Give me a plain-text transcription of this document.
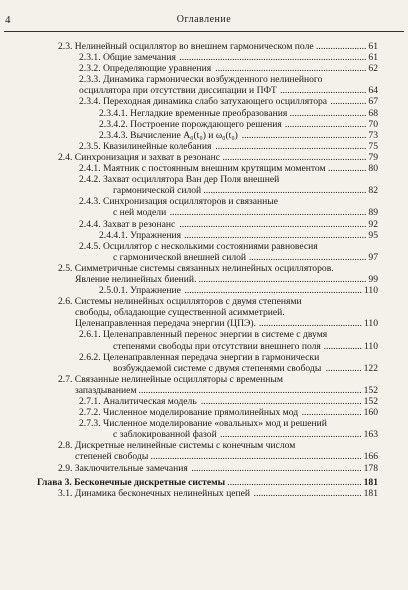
4	Оглавление
2.3. Нелинейный осциллятор во внешнем гармоническом поле	61
.....................
2.3.1. Общие замечания	61
..............................................................................
2.3.2. Определяющие уравнения	62
...............................................................
2.3.3. Динамика гармонически возбужденного нелинейного
осциллятора при отсутствии диссипации и ПФТ	64
....................................
2.3.4. Переходная динамика слабо затухающего осциллятора	67
...............
2.3.4.1. Негладкие временные преобразования	68
................................
2.3.4.2. Построение порождающего решения	70
..................................
2.3.4.3. Вычисление A₀(t₀) и ω₀(t₀)	73
....................................................
2.3.5. Квазилинейные колебания	75
...............................................................
2.4. Синхронизация и захват в резонанс	79
............................................................
2.4.1. Маятник с постоянным внешним крутящим моментом	80
................
2.4.2. Захват осциллятора Ван дер Поля внешней
гармонической силой	82
....................................................................
2.4.3. Синхронизация осцилляторов и связанные
с ней модели	89
..................................................................................
2.4.4. Захват в резонанс	92
..............................................................................
2.4.4.1. Упражнения	95
............................................................................
2.4.5. Осциллятор с несколькими состояниями равновесия
с гармонической внешней силой	97
.................................................
2.5. Симметричные системы связанных нелинейных осцилляторов.
Явление нелинейных биений.	99
......................................................................
2.5.0.1. Упражнение	110
..........................................................................
2.6. Системы нелинейных осцилляторов с двумя степенями
свободы, обладающие существенной асимметрией.
Целенаправленная передача энергии (ЦПЭ).	110
...........................................
2.6.1. Целенаправленный перенос энергии в системе с двумя
степенями свободы при отсутствии внешнего поля	110
................
2.6.2. Целенаправленная передача энергии в гармонически
возбуждаемой системе с двумя степенями свободы	122
...............
2.7. Связанные нелинейные осцилляторы с временным
запаздыванием	152
.............................................................................................
2.7.1. Аналитическая модель	152
...................................................................
2.7.2. Численное моделирование прямолинейных мод	160
.........................
2.7.3. Численное моделирование «овальных» мод и решений
с заблокированной фазой	163
...........................................................
2.8. Дискретные нелинейные системы с конечным числом
степеней свободы	166
........................................................................................
2.9. Заключительные замечания	178
.......................................................................
Глава 3. Бесконечные дискретные системы	181
........................................................
3.1. Динамика бесконечных нелинейных цепей	181
.............................................
